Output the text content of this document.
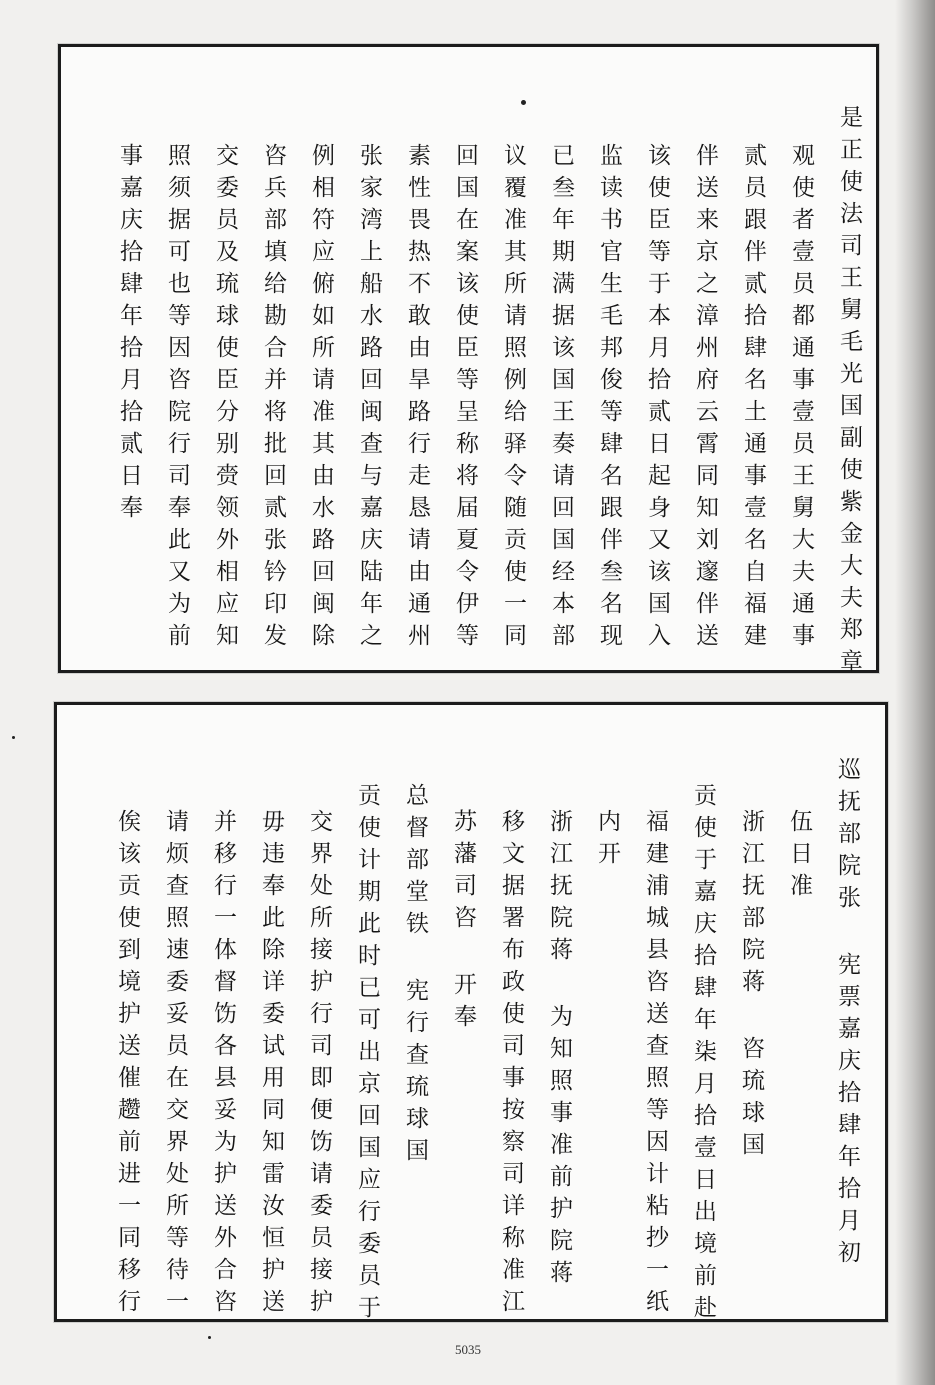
是正使法司王舅毛光国副使紫金大夫郑章
观使者壹员都通事壹员王舅大夫通事
贰员跟伴贰拾肆名土通事壹名自福建
伴送来京之漳州府云霄同知刘邃伴送
该使臣等于本月拾贰日起身又该国入
监读书官生毛邦俊等肆名跟伴叁名现
已叁年期满据该国王奏请回国经本部
议覆准其所请照例给驿令随贡使一同
回国在案该使臣等呈称将届夏令伊等
素性畏热不敢由旱路行走恳请由通州
张家湾上船水路回闽查与嘉庆陆年之
例相符应俯如所请准其由水路回闽除
咨兵部填给勘合并将批回贰张钤印发
交委员及琉球使臣分别赍领外相应知
照须据可也等因咨院行司奉此又为前
事嘉庆拾肆年拾月拾贰日奉
巡抚部院张 宪票嘉庆拾肆年拾月初
伍日准
浙江抚部院蒋 咨琉球国
贡使于嘉庆拾肆年柒月拾壹日出境前赴
福建浦城县咨送查照等因计粘抄一纸
内开
浙江抚院蒋 为知照事准前护院蒋
移文据署布政使司事按察司详称准江
苏藩司咨 开奉
总督部堂铁 宪行查琉球国
贡使计期此时已可出京回国应行委员于
交界处所接护行司即便饬请委员接护
毋违奉此除详委试用同知雷汝恒护送
并移行一体督饬各县妥为护送外合咨
请烦查照速委妥员在交界处所等待一
俟该贡使到境护送催趱前进一同移行
5035
